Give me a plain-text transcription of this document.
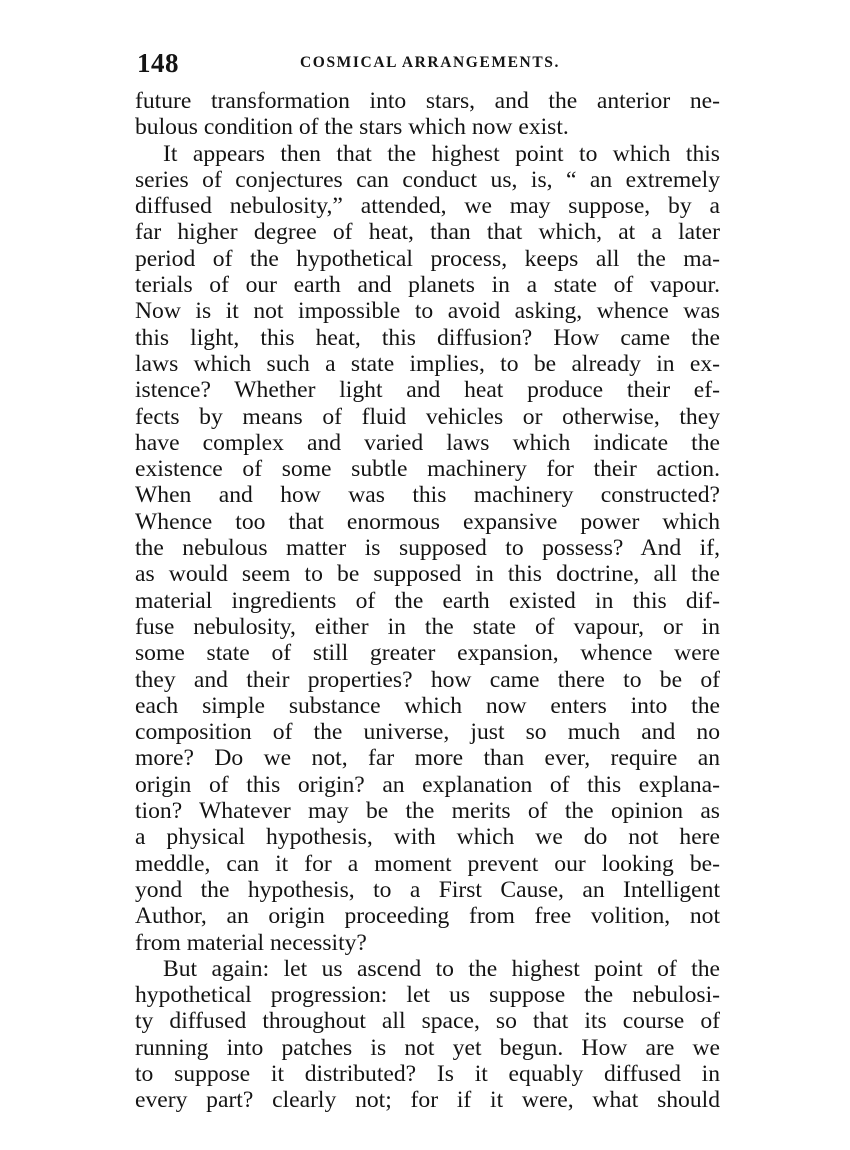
148	COSMICAL ARRANGEMENTS.
future transformation into stars, and the anterior ne-
bulous condition of the stars which now exist.
It appears then that the highest point to which this
series of conjectures can conduct us, is, “ an extremely
diffused nebulosity,” attended, we may suppose, by a
far higher degree of heat, than that which, at a later
period of the hypothetical process, keeps all the ma-
terials of our earth and planets in a state of vapour.
Now is it not impossible to avoid asking, whence was
this light, this heat, this diffusion? How came the
laws which such a state implies, to be already in ex-
istence? Whether light and heat produce their ef-
fects by means of fluid vehicles or otherwise, they
have complex and varied laws which indicate the
existence of some subtle machinery for their action.
When and how was this machinery constructed?
Whence too that enormous expansive power which
the nebulous matter is supposed to possess? And if,
as would seem to be supposed in this doctrine, all the
material ingredients of the earth existed in this dif-
fuse nebulosity, either in the state of vapour, or in
some state of still greater expansion, whence were
they and their properties? how came there to be of
each simple substance which now enters into the
composition of the universe, just so much and no
more? Do we not, far more than ever, require an
origin of this origin? an explanation of this explana-
tion? Whatever may be the merits of the opinion as
a physical hypothesis, with which we do not here
meddle, can it for a moment prevent our looking be-
yond the hypothesis, to a First Cause, an Intelligent
Author, an origin proceeding from free volition, not
from material necessity?
But again: let us ascend to the highest point of the
hypothetical progression: let us suppose the nebulosi-
ty diffused throughout all space, so that its course of
running into patches is not yet begun. How are we
to suppose it distributed? Is it equably diffused in
every part? clearly not; for if it were, what should
